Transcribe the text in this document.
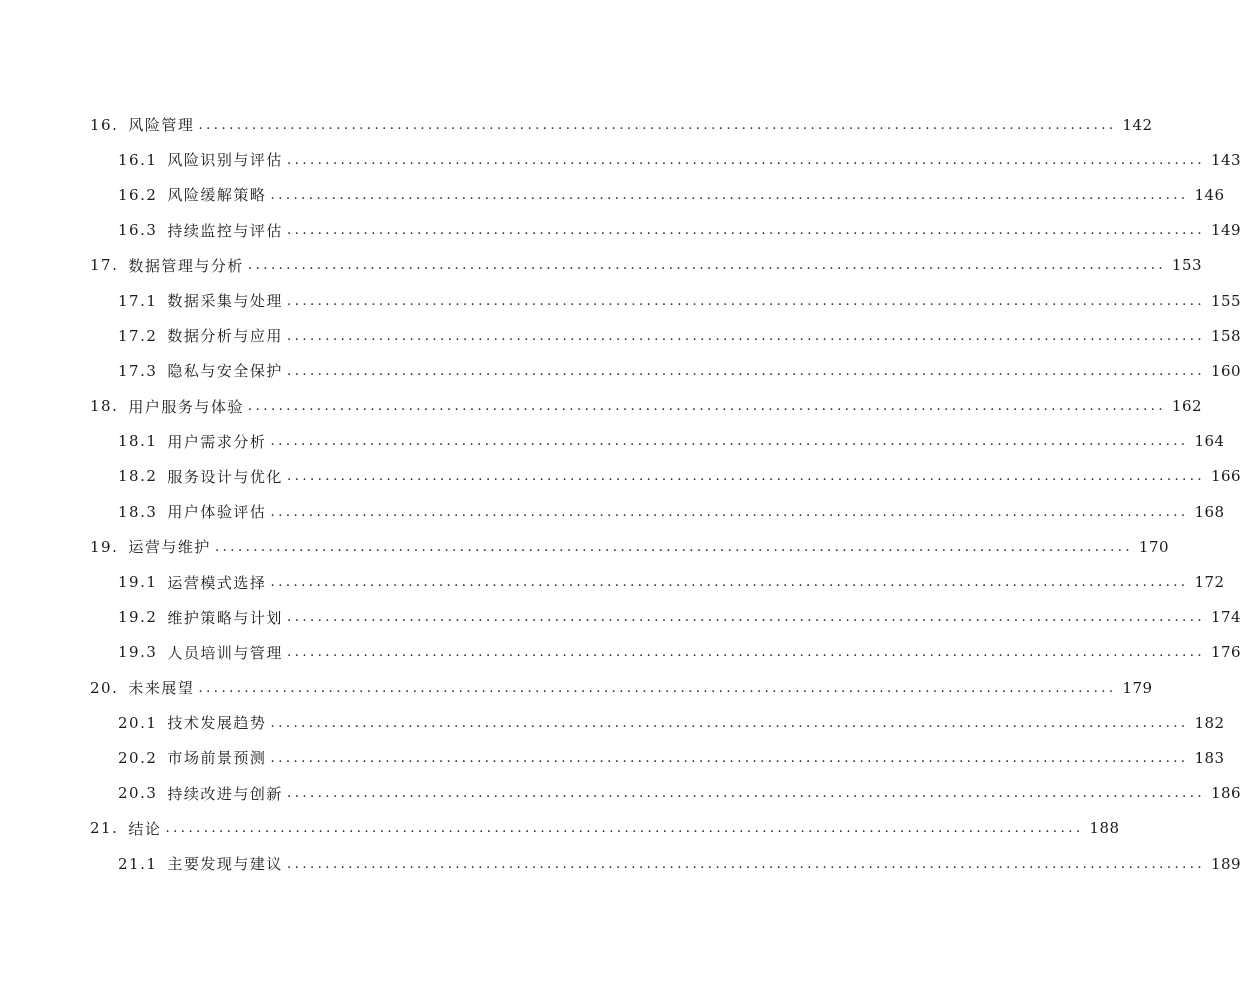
16. 风险管理 ........................................................................................................................ 142
16.1 风险识别与评估 ........................................................................................................................ 143
16.2 风险缓解策略 ........................................................................................................................ 146
16.3 持续监控与评估 ........................................................................................................................ 149
17. 数据管理与分析 ........................................................................................................................ 153
17.1 数据采集与处理 ........................................................................................................................ 155
17.2 数据分析与应用 ........................................................................................................................ 158
17.3 隐私与安全保护 ........................................................................................................................ 160
18. 用户服务与体验 ........................................................................................................................ 162
18.1 用户需求分析 ........................................................................................................................ 164
18.2 服务设计与优化 ........................................................................................................................ 166
18.3 用户体验评估 ........................................................................................................................ 168
19. 运营与维护 ........................................................................................................................ 170
19.1 运营模式选择 ........................................................................................................................ 172
19.2 维护策略与计划 ........................................................................................................................ 174
19.3 人员培训与管理 ........................................................................................................................ 176
20. 未来展望 ........................................................................................................................ 179
20.1 技术发展趋势 ........................................................................................................................ 182
20.2 市场前景预测 ........................................................................................................................ 183
20.3 持续改进与创新 ........................................................................................................................ 186
21. 结论 ........................................................................................................................ 188
21.1 主要发现与建议 ........................................................................................................................ 189
